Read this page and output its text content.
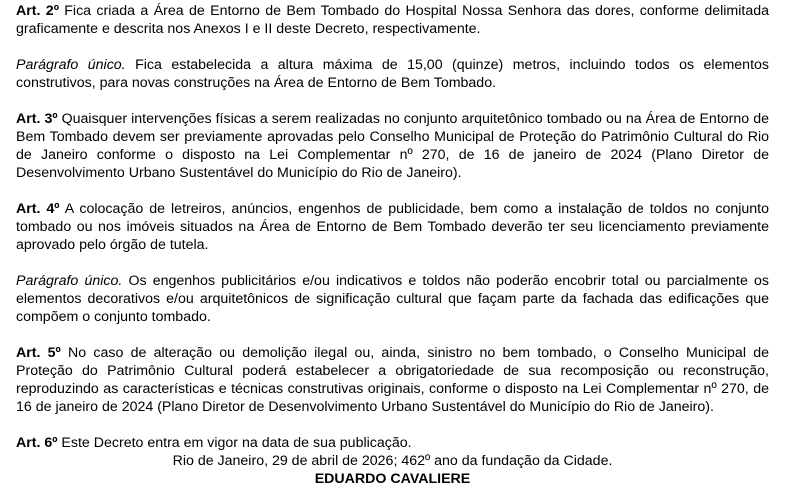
Art. 2º Fica criada a Área de Entorno de Bem Tombado do Hospital Nossa Senhora das dores, conforme delimitada graficamente e descrita nos Anexos I e II deste Decreto, respectivamente.

Parágrafo único. Fica estabelecida a altura máxima de 15,00 (quinze) metros, incluindo todos os elementos construtivos, para novas construções na Área de Entorno de Bem Tombado.

Art. 3º Quaisquer intervenções físicas a serem realizadas no conjunto arquitetônico tombado ou na Área de Entorno de Bem Tombado devem ser previamente aprovadas pelo Conselho Municipal de Proteção do Patrimônio Cultural do Rio de Janeiro conforme o disposto na Lei Complementar nº 270, de 16 de janeiro de 2024 (Plano Diretor de Desenvolvimento Urbano Sustentável do Município do Rio de Janeiro).

Art. 4º A colocação de letreiros, anúncios, engenhos de publicidade, bem como a instalação de toldos no conjunto tombado ou nos imóveis situados na Área de Entorno de Bem Tombado deverão ter seu licenciamento previamente aprovado pelo órgão de tutela.

Parágrafo único. Os engenhos publicitários e/ou indicativos e toldos não poderão encobrir total ou parcialmente os elementos decorativos e/ou arquitetônicos de significação cultural que façam parte da fachada das edificações que compõem o conjunto tombado.

Art. 5º No caso de alteração ou demolição ilegal ou, ainda, sinistro no bem tombado, o Conselho Municipal de Proteção do Patrimônio Cultural poderá estabelecer a obrigatoriedade de sua recomposição ou reconstrução, reproduzindo as características e técnicas construtivas originais, conforme o disposto na Lei Complementar nº 270, de 16 de janeiro de 2024 (Plano Diretor de Desenvolvimento Urbano Sustentável do Município do Rio de Janeiro).

Art. 6º Este Decreto entra em vigor na data de sua publicação.

Rio de Janeiro, 29 de abril de 2026; 462º ano da fundação da Cidade.
EDUARDO CAVALIERE
